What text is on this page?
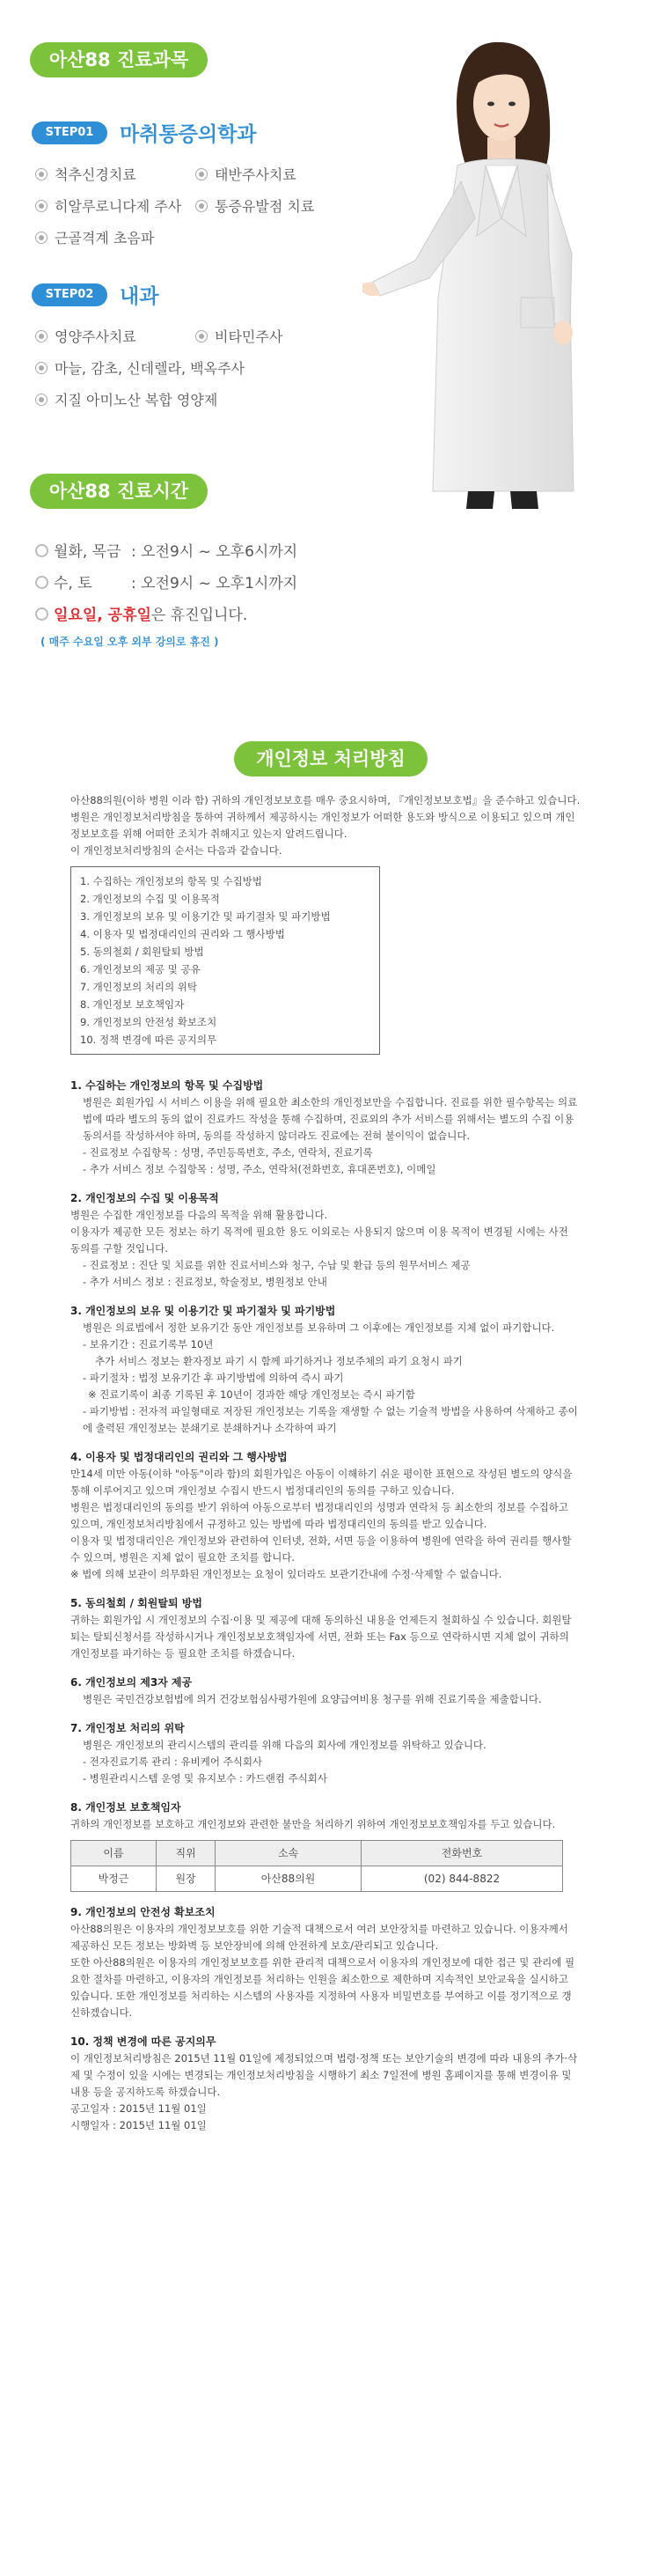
아산88 진료과목
STEP01	마취통증의학과
척추신경치료	태반주사치료
히알루로니다제 주사	통증유발점 치료
근골격계 초음파
STEP02	내과
영양주사치료	비타민주사
마늘, 감초, 신데렐라, 백옥주사
지질 아미노산 복합 영양제
아산88 진료시간
월화, 목금 : 오전9시 ~ 오후6시까지
수, 토	: 오전9시 ~ 오후1시까지
일요일, 공휴일은 휴진입니다.
( 매주 수요일 오후 외부 강의로 휴진 )
개인정보 처리방침

아산88의원(이하 병원 이라 함) 귀하의 개인정보보호를 매우 중요시하며, 『개인정보보호법』을 준수하고 있습니다. 병원은 개인정보처리방침을 통하여 귀하께서 제공하시는 개인정보가 어떠한 용도와 방식으로 이용되고 있으며 개인정보보호를 위해 어떠한 조치가 취해지고 있는지 알려드립니다.

이 개인정보처리방침의 순서는 다음과 같습니다.

1. 수집하는 개인정보의 항목 및 수집방법
2. 개인정보의 수집 및 이용목적
3. 개인정보의 보유 및 이용기간 및 파기절차 및 파기방법
4. 이용자 및 법정대리인의 권리와 그 행사방법
5. 동의철회 / 회원탈퇴 방법
6. 개인정보의 제공 및 공유
7. 개인정보의 처리의 위탁
8. 개인정보 보호책임자
9. 개인정보의 안전성 확보조치
10. 정책 변경에 따른 공지의무

1. 수집하는 개인정보의 항목 및 수집방법

병원은 회원가입 시 서비스 이용을 위해 필요한 최소한의 개인정보만을 수집합니다. 진료를 위한 필수항목는 의료법에 따라 별도의 동의 없이 진료카드 작성을 통해 수집하며, 진료외의 추가 서비스를 위해서는 별도의 수집 이용 동의서를 작성하셔야 하며, 동의를 작성하지 않더라도 진료에는 전혀 불이익이 없습니다.

- 진료정보 수집항목 : 성명, 주민등록번호, 주소, 연락처, 진료기록

- 추가 서비스 정보 수집항목 : 성명, 주소, 연락처(전화번호, 휴대폰번호), 이메일

2. 개인정보의 수집 및 이용목적

병원은 수집한 개인정보를 다음의 목적을 위해 활용합니다.

이용자가 제공한 모든 정보는 하기 목적에 필요한 용도 이외로는 사용되지 않으며 이용 목적이 변경될 시에는 사전 동의를 구할 것입니다.

- 진료정보 : 진단 및 치료를 위한 진료서비스와 청구, 수납 및 환급 등의 원무서비스 제공

- 추가 서비스 정보 : 진료정보, 학술정보, 병원정보 안내

3. 개인정보의 보유 및 이용기간 및 파기절차 및 파기방법

병원은 의료법에서 정한 보유기간 동안 개인정보를 보유하며 그 이후에는 개인정보를 지체 없이 파기합니다.

- 보유기간 : 진료기록부 10년

추가 서비스 정보는 환자정보 파기 시 함께 파기하거나 정보주체의 파기 요청시 파기

- 파기절차 : 법정 보유기간 후 파기방법에 의하여 즉시 파기

※ 진료기록이 최종 기록된 후 10년이 경과한 해당 개인정보는 즉시 파기함

- 파기방법 : 전자적 파일형태로 저장된 개인정보는 기록을 재생할 수 없는 기술적 방법을 사용하여 삭제하고 종이에 출력된 개인정보는 분쇄기로 분쇄하거나 소각하여 파기

4. 이용자 및 법정대리인의 권리와 그 행사방법

만14세 미만 아동(이하 "아동"이라 함)의 회원가입은 아동이 이해하기 쉬운 평이한 표현으로 작성된 별도의 양식을 통해 이루어지고 있으며 개인정보 수집시 반드시 법정대리인의 동의를 구하고 있습니다.

병원은 법정대리인의 동의를 받기 위하여 아동으로부터 법정대리인의 성명과 연락처 등 최소한의 정보를 수집하고 있으며, 개인정보처리방침에서 규정하고 있는 방법에 따라 법정대리인의 동의를 받고 있습니다.

이용자 및 법정대리인은 개인정보와 관련하여 인터넷, 전화, 서면 등을 이용하여 병원에 연락을 하여 권리를 행사할 수 있으며, 병원은 지체 없이 필요한 조치를 합니다.

※ 법에 의해 보관이 의무화된 개인정보는 요청이 있더라도 보관기간내에 수정·삭제할 수 없습니다.

5. 동의철회 / 회원탈퇴 방법

귀하는 회원가입 시 개인정보의 수집·이용 및 제공에 대해 동의하신 내용을 언제든지 철회하실 수 있습니다. 회원탈퇴는 탈퇴신청서를 작성하시거나 개인정보보호책임자에 서면, 전화 또는 Fax 등으로 연락하시면 지체 없이 귀하의 개인정보를 파기하는 등 필요한 조치를 하겠습니다.

6. 개인정보의 제3자 제공

병원은 국민건강보험법에 의거 건강보험심사평가원에 요양급여비용 청구를 위해 진료기록을 제출합니다.

7. 개인정보 처리의 위탁

병원은 개인정보의 관리시스템의 관리를 위해 다음의 회사에 개인정보를 위탁하고 있습니다.

- 전자진료기록 관리 : 유비케어 주식회사

- 병원관리시스템 운영 및 유지보수 : 카드랜컴 주식회사

8. 개인정보 보호책임자

귀하의 개인정보를 보호하고 개인정보와 관련한 불만을 처리하기 위하여 개인정보보호책임자를 두고 있습니다.

이름	직위	소속	전화번호
박정근	원장	아산88의원	(02) 844-8822

9. 개인정보의 안전성 확보조치

아산88의원은 이용자의 개인정보보호를 위한 기술적 대책으로서 여러 보안장치를 마련하고 있습니다. 이용자께서 제공하신 모든 정보는 방화벽 등 보안장비에 의해 안전하게 보호/관리되고 있습니다.

또한 아산88의원은 이용자의 개인정보보호를 위한 관리적 대책으로서 이용자의 개인정보에 대한 접근 및 관리에 필요한 절차를 마련하고, 이용자의 개인정보를 처리하는 인원을 최소한으로 제한하며 지속적인 보안교육을 실시하고 있습니다. 또한 개인정보를 처리하는 시스템의 사용자를 지정하여 사용자 비밀번호를 부여하고 이를 정기적으로 갱신하겠습니다.

10. 정책 변경에 따른 공지의무

이 개인정보처리방침은 2015년 11월 01일에 제정되었으며 법령·정책 또는 보안기술의 변경에 따라 내용의 추가·삭제 및 수정이 있을 시에는 변경되는 개인정보처리방침을 시행하기 최소 7일전에 병원 홈페이지를 통해 변경이유 및 내용 등을 공지하도록 하겠습니다.

공고일자 : 2015년 11월 01일

시행일자 : 2015년 11월 01일
